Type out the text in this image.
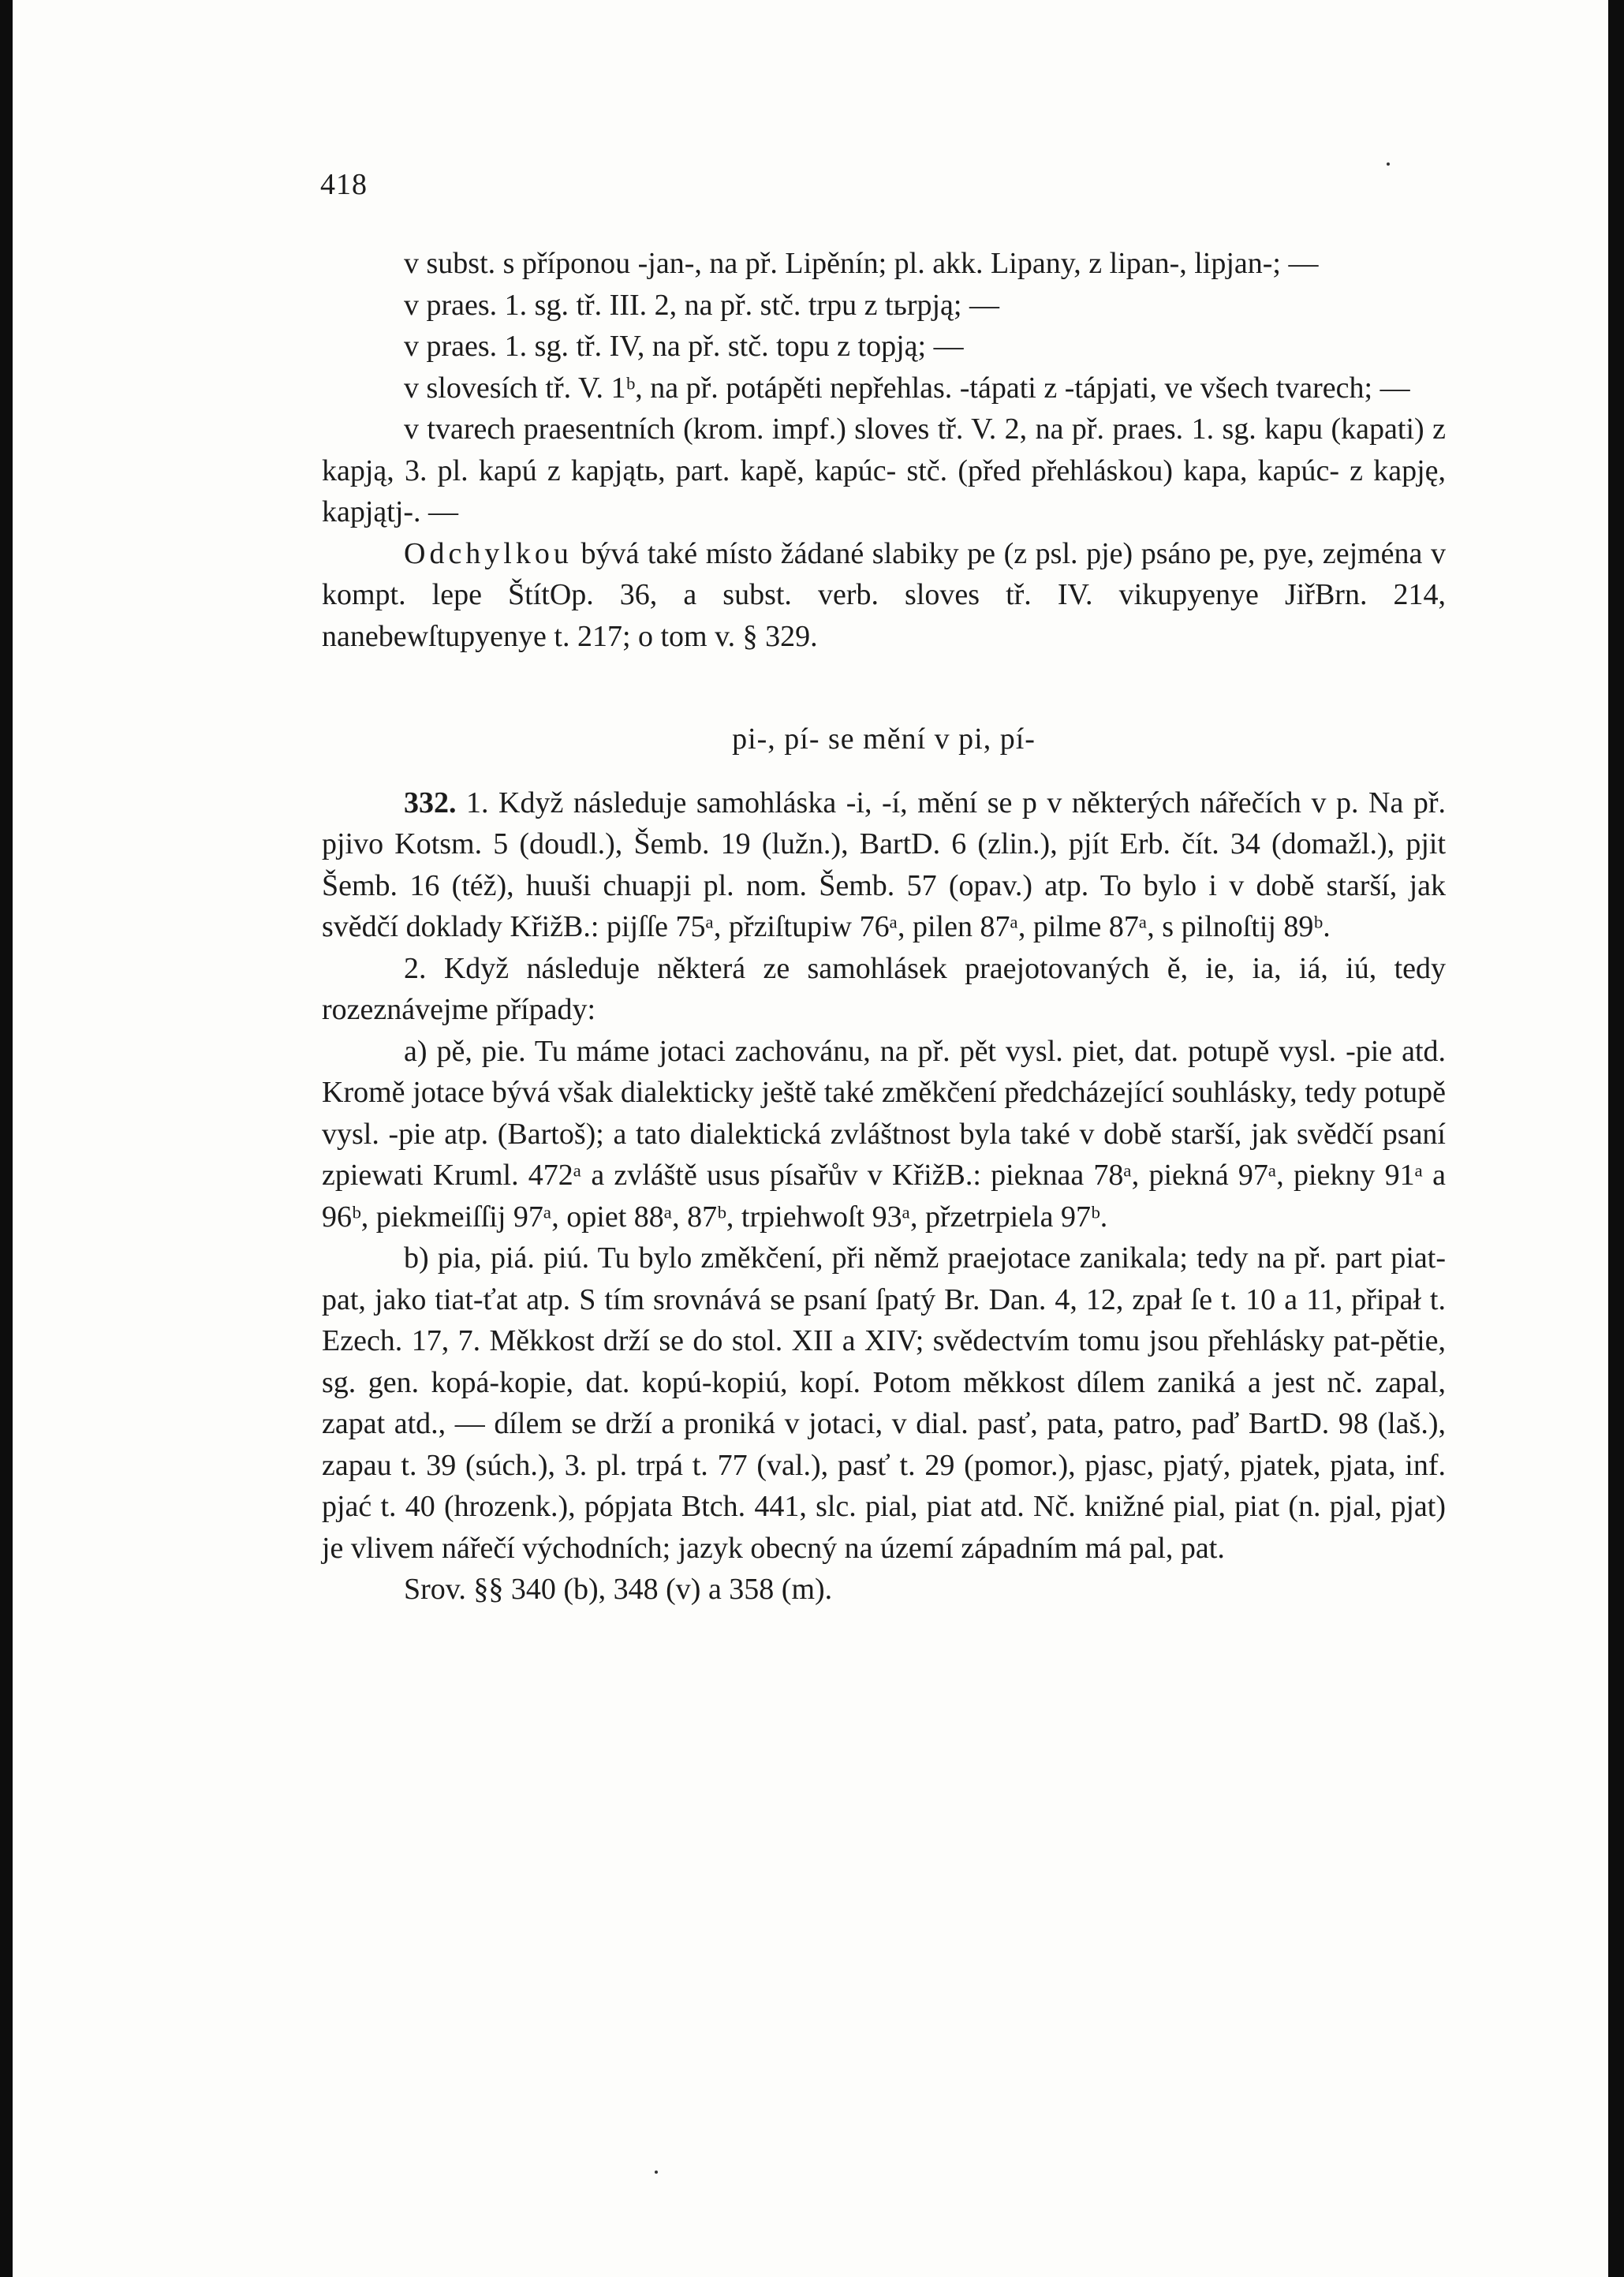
418

v subst. s příponou -jan-, na př. Lipěnín; pl. akk. Lipany, z lipan-, lipjan-; —

v praes. 1. sg. tř. III. 2, na př. stč. trpu z tьrpją; —

v praes. 1. sg. tř. IV, na př. stč. topu z topją; —

v slovesích tř. V. 1ᵇ, na př. potápěti nepřehlas. -tápati z -tápjati, ve všech tvarech; —

v tvarech praesentních (krom. impf.) sloves tř. V. 2, na př. praes. 1. sg. kapu (kapati) z kapją, 3. pl. kapú z kapjątь, part. kapě, kapúc- stč. (před přehláskou) kapa, kapúc- z kapję, kapjątj-. —

Odchylkou bývá také místo žádané slabiky pe (z psl. pje) psáno pe, pye, zejména v kompt. lepe ŠtítOp. 36, a subst. verb. sloves tř. IV. vikupyenye JiřBrn. 214, nanebewſtupyenye t. 217; o tom v. § 329.

pi-, pí- se mění v pi, pí-

332. 1. Když následuje samohláska -i, -í, mění se p v některých nářečích v p. Na př. pjivo Kotsm. 5 (doudl.), Šemb. 19 (lužn.), BartD. 6 (zlin.), pjít Erb. čít. 34 (domažl.), pjit Šemb. 16 (též), huuši chuapji pl. nom. Šemb. 57 (opav.) atp. To bylo i v době starší, jak svědčí doklady KřižB.: pijſſe 75ᵃ, přziſtupiw 76ᵃ, pilen 87ᵃ, pilme 87ᵃ, s pilnoſtij 89ᵇ.

2. Když následuje některá ze samohlásek praejotovaných ě, ie, ia, iá, iú, tedy rozeznávejme případy:

a) pě, pie. Tu máme jotaci zachovánu, na př. pět vysl. piet, dat. potupě vysl. -pie atd. Kromě jotace bývá však dialekticky ještě také změkčení předcházející souhlásky, tedy potupě vysl. -pie atp. (Bartoš); a tato dialektická zvláštnost byla také v době starší, jak svědčí psaní zpiewati Kruml. 472ᵃ a zvláště usus písařův v KřižB.: pieknaa 78ᵃ, piekná 97ᵃ, piekny 91ᵃ a 96ᵇ, piekmeiſſij 97ᵃ, opiet 88ᵃ, 87ᵇ, trpiehwoſt 93ᵃ, přzetrpiela 97ᵇ.

b) pia, piá. piú. Tu bylo změkčení, při němž praejotace zanikala; tedy na př. part piat-pat, jako tiat-ťat atp. S tím srovnává se psaní ſpatý Br. Dan. 4, 12, zpał ſe t. 10 a 11, připał t. Ezech. 17, 7. Měkkost drží se do stol. XII a XIV; svědectvím tomu jsou přehlásky pat-pětie, sg. gen. kopá-kopie, dat. kopú-kopiú, kopí. Potom měkkost dílem zaniká a jest nč. zapal, zapat atd., — dílem se drží a proniká v jotaci, v dial. pasť, pata, patro, paď BartD. 98 (laš.), zapau t. 39 (súch.), 3. pl. trpá t. 77 (val.), pasť t. 29 (pomor.), pjasc, pjatý, pjatek, pjata, inf. pjać t. 40 (hrozenk.), pópjata Btch. 441, slc. pial, piat atd. Nč. knižné pial, piat (n. pjal, pjat) je vlivem nářečí východních; jazyk obecný na území západním má pal, pat.

Srov. §§ 340 (b), 348 (v) a 358 (m).
